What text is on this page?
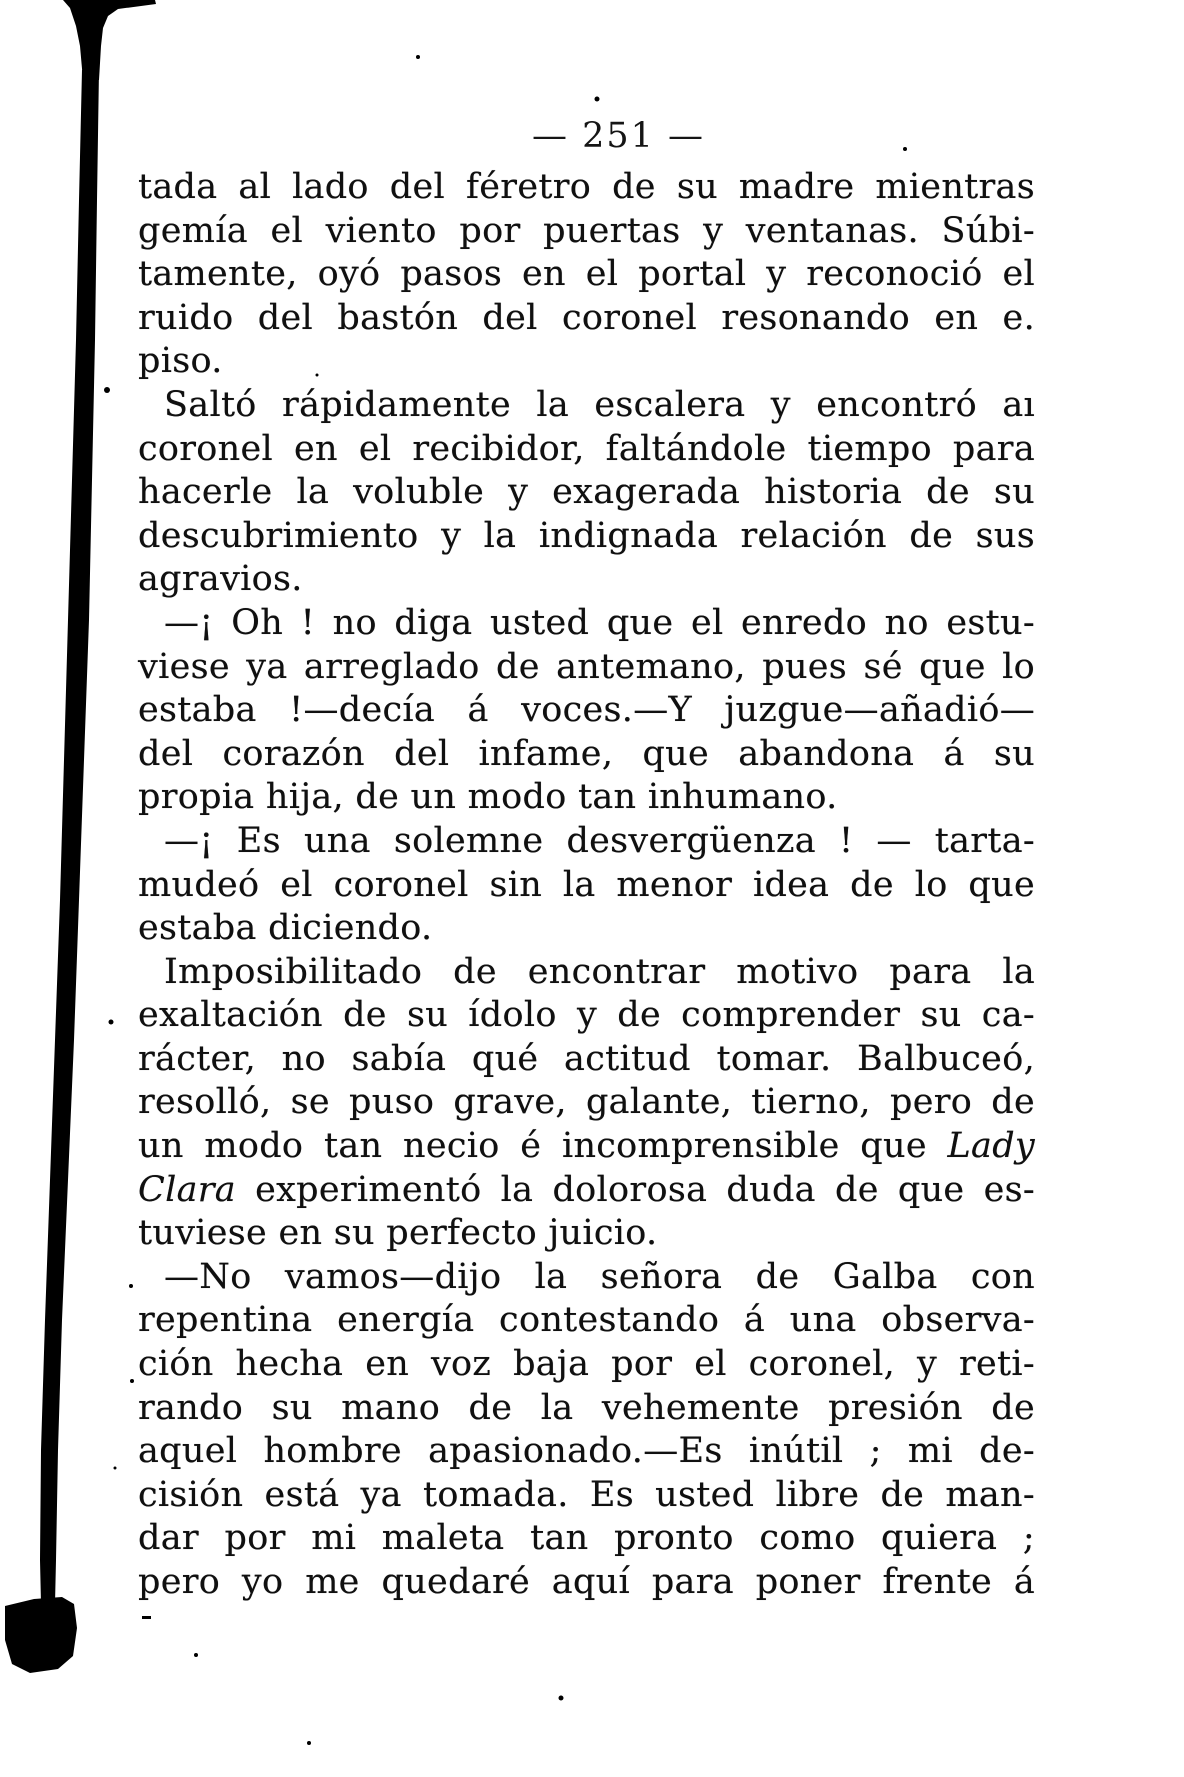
— 251 —
tada al lado del féretro de su madre mientras
gemía el viento por puertas y ventanas. Súbi-
tamente, oyó pasos en el portal y reconoció el
ruido del bastón del coronel resonando en e.
piso.
Saltó rápidamente la escalera y encontró aı
coronel en el recibidor, faltándole tiempo para
hacerle la voluble y exagerada historia de su
descubrimiento y la indignada relación de sus
agravios.
—¡ Oh ! no diga usted que el enredo no estu-
viese ya arreglado de antemano, pues sé que lo
estaba !—decía á voces.—Y juzgue—añadió—
del corazón del infame, que abandona á su
propia hija, de un modo tan inhumano.
—¡ Es una solemne desvergüenza ! — tarta-
mudeó el coronel sin la menor idea de lo que
estaba diciendo.
Imposibilitado de encontrar motivo para la
exaltación de su ídolo y de comprender su ca-
rácter, no sabía qué actitud tomar. Balbuceó,
resolló, se puso grave, galante, tierno, pero de
un modo tan necio é incomprensible que Lady
Clara experimentó la dolorosa duda de que es-
tuviese en su perfecto juicio.
—No vamos—dijo la señora de Galba con
repentina energía contestando á una observa-
ción hecha en voz baja por el coronel, y reti-
rando su mano de la vehemente presión de
aquel hombre apasionado.—Es inútil ; mi de-
cisión está ya tomada. Es usted libre de man-
dar por mi maleta tan pronto como quiera ;
pero yo me quedaré aquí para poner frente á
